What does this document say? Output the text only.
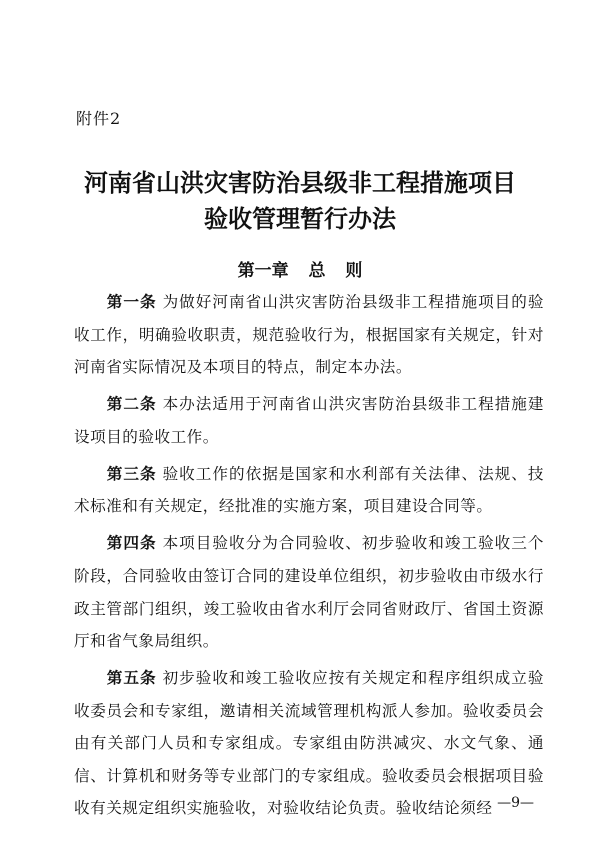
附件2
河南省山洪灾害防治县级非工程措施项目
验收管理暂行办法
第一章 总 则

第一条 为做好河南省山洪灾害防治县级非工程措施项目的验收工作，明确验收职责，规范验收行为，根据国家有关规定，针对河南省实际情况及本项目的特点，制定本办法。

第二条 本办法适用于河南省山洪灾害防治县级非工程措施建设项目的验收工作。

第三条 验收工作的依据是国家和水利部有关法律、法规、技术标准和有关规定，经批准的实施方案，项目建设合同等。

第四条 本项目验收分为合同验收、初步验收和竣工验收三个阶段，合同验收由签订合同的建设单位组织，初步验收由市级水行政主管部门组织，竣工验收由省水利厅会同省财政厅、省国土资源厅和省气象局组织。

第五条 初步验收和竣工验收应按有关规定和程序组织成立验收委员会和专家组，邀请相关流域管理机构派人参加。验收委员会由有关部门人员和专家组成。专家组由防洪减灾、水文气象、通信、计算机和财务等专业部门的专家组成。验收委员会根据项目验收有关规定组织实施验收，对验收结论负责。验收结论须经 —9—
